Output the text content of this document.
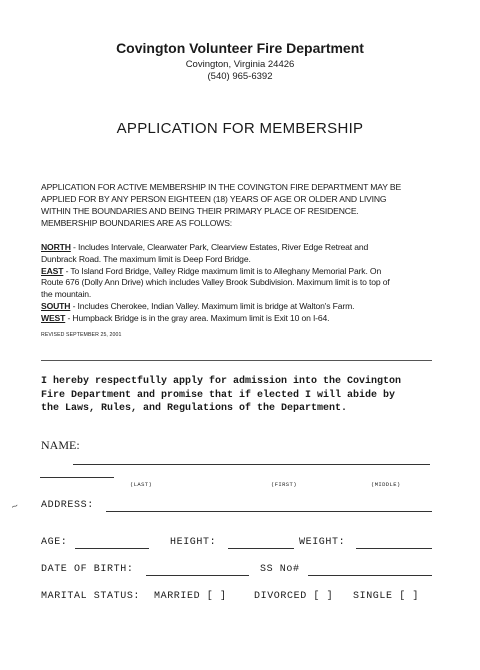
Covington Volunteer Fire Department
Covington, Virginia 24426
(540) 965-6392
APPLICATION FOR MEMBERSHIP
APPLICATION FOR ACTIVE MEMBERSHIP IN THE COVINGTON FIRE DEPARTMENT MAY BE
APPLIED FOR BY ANY PERSON EIGHTEEN (18) YEARS OF AGE OR OLDER AND LIVING
WITHIN THE BOUNDARIES AND BEING THEIR PRIMARY PLACE OF RESIDENCE.
MEMBERSHIP BOUNDARIES ARE AS FOLLOWS:
NORTH - Includes Intervale, Clearwater Park, Clearview Estates, River Edge Retreat and
Dunbrack Road. The maximum limit is Deep Ford Bridge.
EAST - To Island Ford Bridge, Valley Ridge maximum limit is to Alleghany Memorial Park. On
Route 676 (Dolly Ann Drive) which includes Valley Brook Subdivision. Maximum limit is to top of
the mountain.
SOUTH - Includes Cherokee, Indian Valley. Maximum limit is bridge at Walton's Farm.
WEST - Humpback Bridge is in the gray area. Maximum limit is Exit 10 on I-64.
REVISED SEPTEMBER 25, 2001
I hereby respectfully apply for admission into the Covington
Fire Department and promise that if elected I will abide by
the Laws, Rules, and Regulations of the Department.
NAME:
(LAST)	(FIRST)	(MIDDLE)
∼ ADDRESS:
AGE:	HEIGHT:	WEIGHT:
DATE OF BIRTH:	SS No#
MARITAL STATUS: MARRIED [ ]	DIVORCED [ ] SINGLE [ ]
